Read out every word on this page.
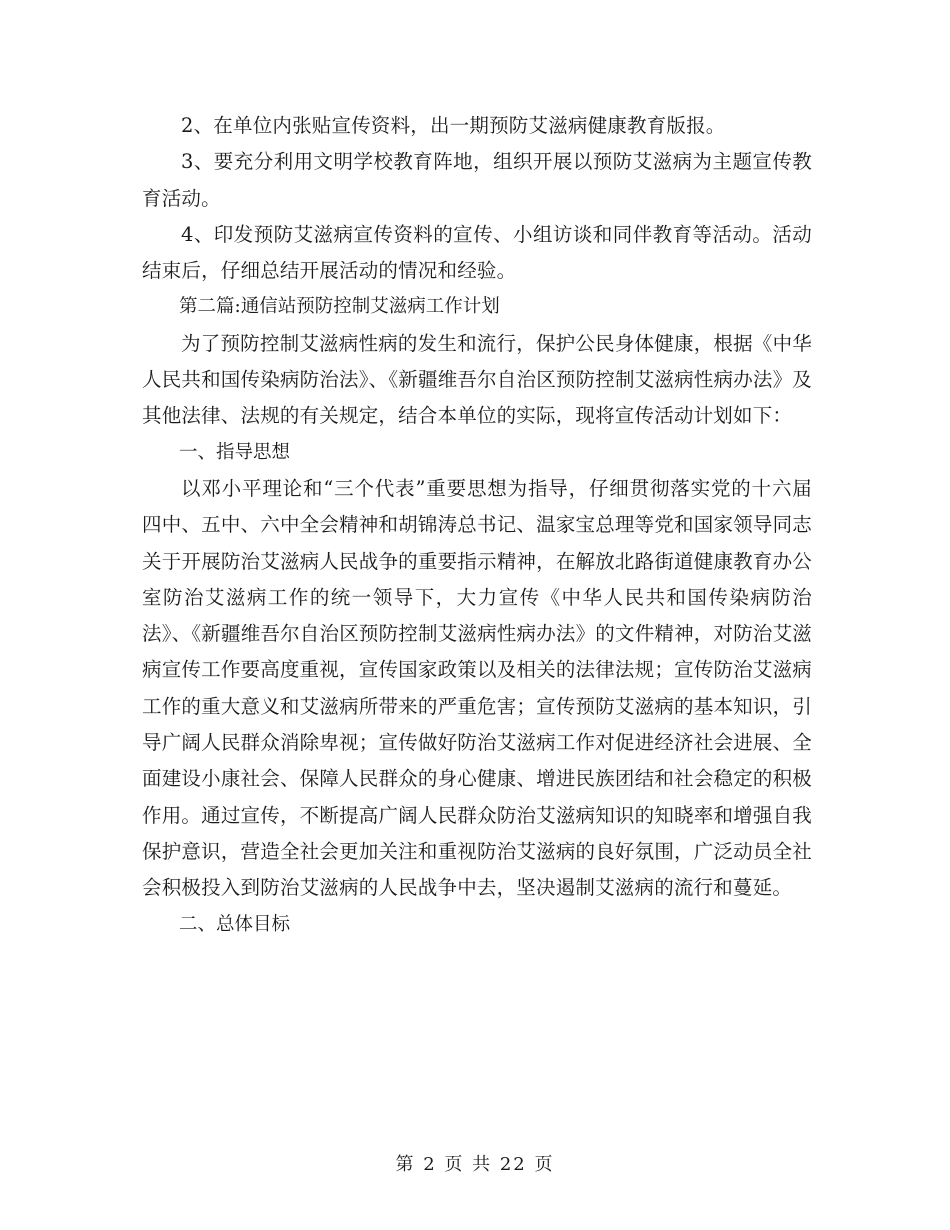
2、在单位内张贴宣传资料，出一期预防艾滋病健康教育版报。

3、要充分利用文明学校教育阵地，组织开展以预防艾滋病为主题宣传教育活动。

4、印发预防艾滋病宣传资料的宣传、小组访谈和同伴教育等活动。活动结束后，仔细总结开展活动的情况和经验。

第二篇:通信站预防控制艾滋病工作计划

为了预防控制艾滋病性病的发生和流行，保护公民身体健康，根据《中华人民共和国传染病防治法》、《新疆维吾尔自治区预防控制艾滋病性病办法》及其他法律、法规的有关规定，结合本单位的实际，现将宣传活动计划如下：

一、指导思想

以邓小平理论和“三个代表”重要思想为指导，仔细贯彻落实党的十六届四中、五中、六中全会精神和胡锦涛总书记、温家宝总理等党和国家领导同志关于开展防治艾滋病人民战争的重要指示精神，在解放北路街道健康教育办公室防治艾滋病工作的统一领导下，大力宣传《中华人民共和国传染病防治法》、《新疆维吾尔自治区预防控制艾滋病性病办法》的文件精神，对防治艾滋病宣传工作要高度重视，宣传国家政策以及相关的法律法规；宣传防治艾滋病工作的重大意义和艾滋病所带来的严重危害；宣传预防艾滋病的基本知识，引导广阔人民群众消除卑视；宣传做好防治艾滋病工作对促进经济社会进展、全面建设小康社会、保障人民群众的身心健康、增进民族团结和社会稳定的积极作用。通过宣传，不断提高广阔人民群众防治艾滋病知识的知晓率和增强自我保护意识，营造全社会更加关注和重视防治艾滋病的良好氛围，广泛动员全社会积极投入到防治艾滋病的人民战争中去，坚决遏制艾滋病的流行和蔓延。

二、总体目标

第 2 页 共 22 页
